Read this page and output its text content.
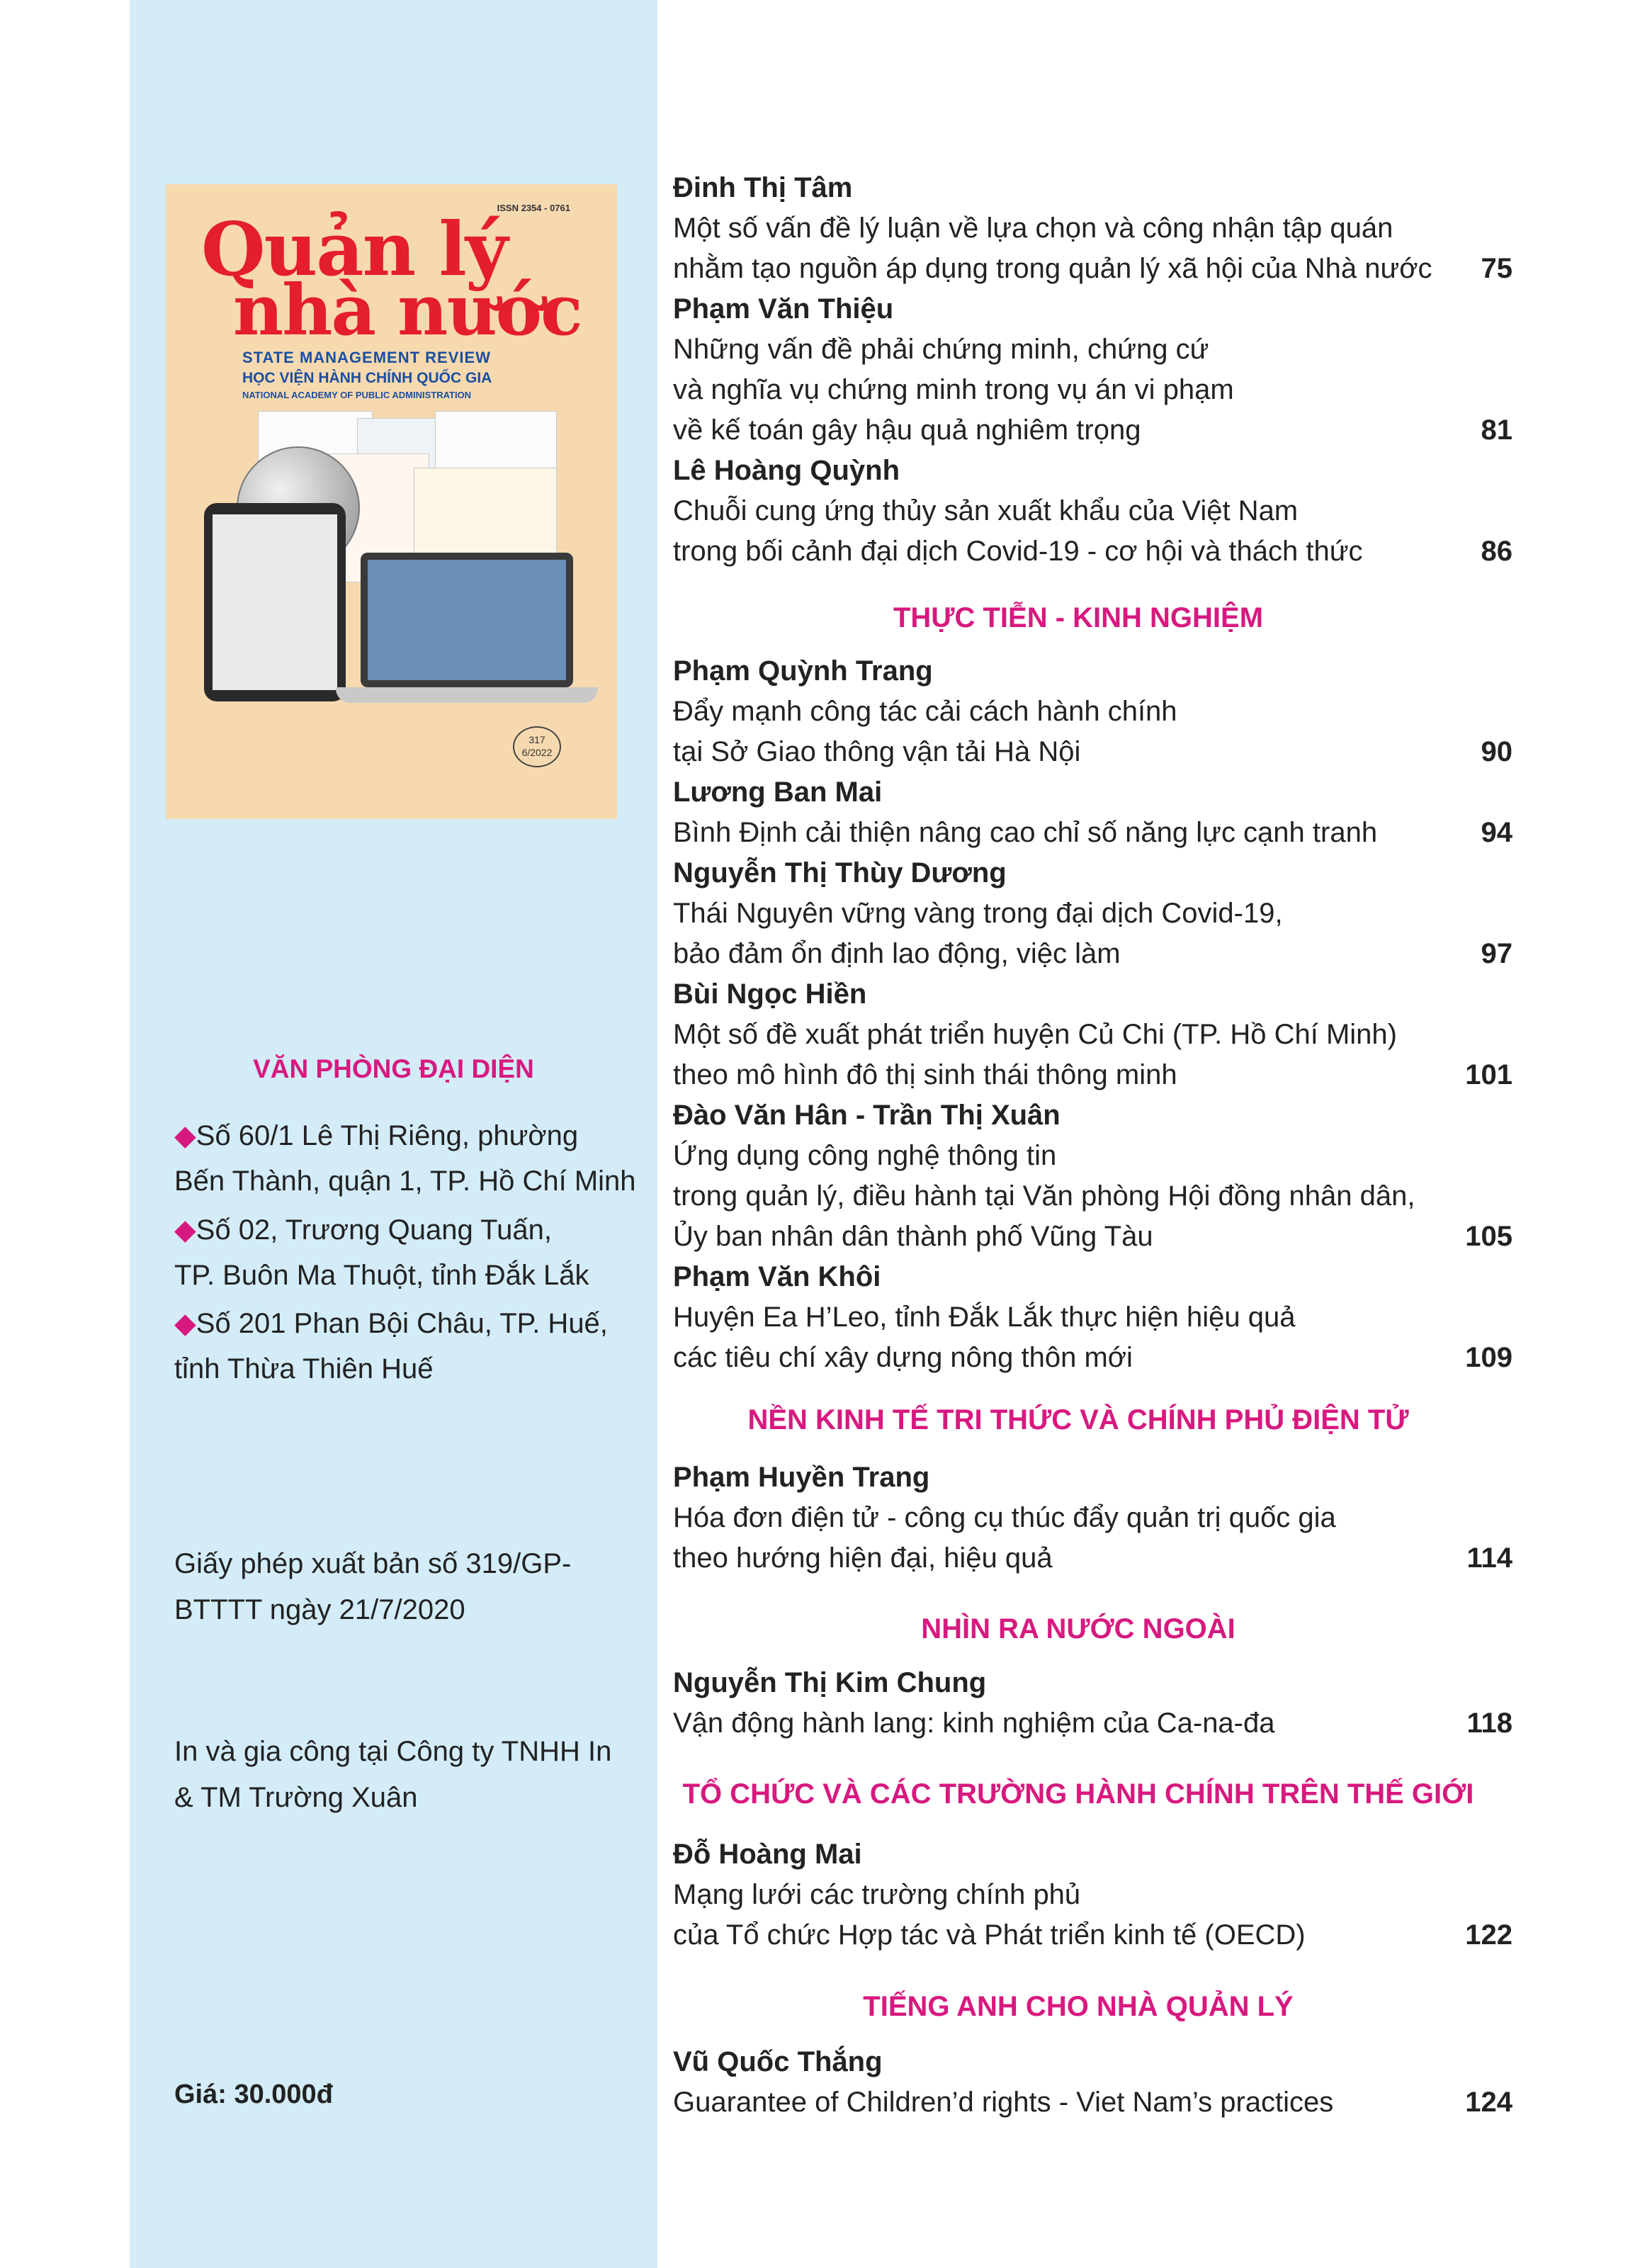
ISSN 2354 - 0761
Quản lý
nhà nước
STATE MANAGEMENT REVIEW
HỌC VIỆN HÀNH CHÍNH QUỐC GIA
NATIONAL ACADEMY OF PUBLIC ADMINISTRATION
317
6/2022
VĂN PHÒNG ĐẠI DIỆN
◆Số 60/1 Lê Thị Riêng, phường
Bến Thành, quận 1, TP. Hồ Chí Minh
◆Số 02, Trương Quang Tuấn,
TP. Buôn Ma Thuột, tỉnh Đắk Lắk
◆Số 201 Phan Bội Châu, TP. Huế,
tỉnh Thừa Thiên Huế
Giấy phép xuất bản số 319/GP-
BTTTT ngày 21/7/2020
In và gia công tại Công ty TNHH In
& TM Trường Xuân
Giá: 30.000đ
Đinh Thị Tâm
Một số vấn đề lý luận về lựa chọn và công nhận tập quán
nhằm tạo nguồn áp dụng trong quản lý xã hội của Nhà nước 75
Phạm Văn Thiệu
Những vấn đề phải chứng minh, chứng cứ
và nghĩa vụ chứng minh trong vụ án vi phạm
về kế toán gây hậu quả nghiêm trọng	81
Lê Hoàng Quỳnh
Chuỗi cung ứng thủy sản xuất khẩu của Việt Nam
trong bối cảnh đại dịch Covid-19 - cơ hội và thách thức	86
THỰC TIỄN - KINH NGHIỆM
Phạm Quỳnh Trang
Đẩy mạnh công tác cải cách hành chính
tại Sở Giao thông vận tải Hà Nội	90
Lương Ban Mai
Bình Định cải thiện nâng cao chỉ số năng lực cạnh tranh	94
Nguyễn Thị Thùy Dương
Thái Nguyên vững vàng trong đại dịch Covid-19,
bảo đảm ổn định lao động, việc làm	97
Bùi Ngọc Hiền
Một số đề xuất phát triển huyện Củ Chi (TP. Hồ Chí Minh)
theo mô hình đô thị sinh thái thông minh	101
Đào Văn Hân - Trần Thị Xuân
Ứng dụng công nghệ thông tin
trong quản lý, điều hành tại Văn phòng Hội đồng nhân dân,
Ủy ban nhân dân thành phố Vũng Tàu	105
Phạm Văn Khôi
Huyện Ea H’Leo, tỉnh Đắk Lắk thực hiện hiệu quả
các tiêu chí xây dựng nông thôn mới	109
NỀN KINH TẾ TRI THỨC VÀ CHÍNH PHỦ ĐIỆN TỬ
Phạm Huyền Trang
Hóa đơn điện tử - công cụ thúc đẩy quản trị quốc gia
theo hướng hiện đại, hiệu quả	114
NHÌN RA NƯỚC NGOÀI
Nguyễn Thị Kim Chung
Vận động hành lang: kinh nghiệm của Ca-na-đa	118
TỔ CHỨC VÀ CÁC TRƯỜNG HÀNH CHÍNH TRÊN THẾ GIỚI
Đỗ Hoàng Mai
Mạng lưới các trường chính phủ
của Tổ chức Hợp tác và Phát triển kinh tế (OECD)	122
TIẾNG ANH CHO NHÀ QUẢN LÝ
Vũ Quốc Thắng
Guarantee of Children’d rights - Viet Nam’s practices	124
